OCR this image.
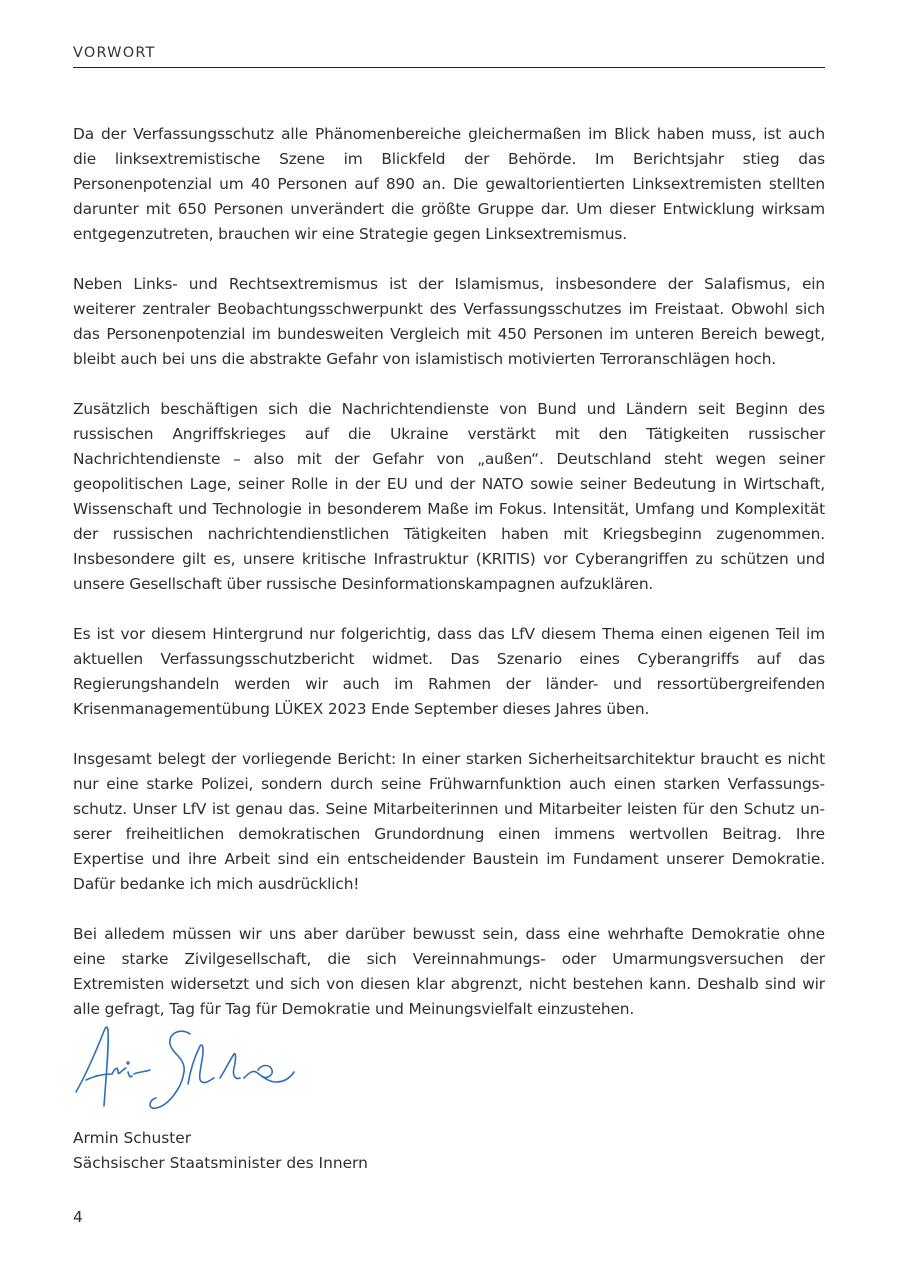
VORWORT

Da der Verfassungsschutz alle Phänomenbereiche gleichermaßen im Blick haben muss, ist auch die linksextremistische Szene im Blickfeld der Behörde. Im Berichtsjahr stieg das Personenpotenzial um 40 Personen auf 890 an. Die gewaltorientierten Linksextremisten stellten darunter mit 650 Personen unverändert die größte Gruppe dar. Um dieser Entwicklung wirksam entgegenzutreten, brauchen wir eine Strategie gegen Linksextremismus.

Neben Links- und Rechtsextremismus ist der Islamismus, insbesondere der Salafismus, ein weiterer zentraler Beobachtungsschwerpunkt des Verfassungsschutzes im Freistaat. Obwohl sich das Personenpotenzial im bundesweiten Vergleich mit 450 Personen im unteren Bereich bewegt, bleibt auch bei uns die abstrakte Gefahr von islamistisch motivierten Terroranschlägen hoch.

Zusätzlich beschäftigen sich die Nachrichtendienste von Bund und Ländern seit Beginn des russischen Angriffskrieges auf die Ukraine verstärkt mit den Tätigkeiten russischer Nachrichtendienste – also mit der Gefahr von „außen“. Deutschland steht wegen seiner geopolitischen Lage, seiner Rolle in der EU und der NATO sowie seiner Bedeutung in Wirtschaft, Wissenschaft und Technologie in besonderem Maße im Fokus. Intensität, Umfang und Komplexität der russischen nachrichtendienstlichen Tätigkeiten haben mit Kriegsbeginn zugenommen. Insbesondere gilt es, unsere kritische Infrastruktur (KRITIS) vor Cyberangriffen zu schützen und unsere Gesellschaft über russische Desinformationskampagnen aufzuklären.

Es ist vor diesem Hintergrund nur folgerichtig, dass das LfV diesem Thema einen eigenen Teil im aktuellen Verfassungsschutzbericht widmet. Das Szenario eines Cyberangriffs auf das Regierungshandeln werden wir auch im Rahmen der länder- und ressortübergreifenden Krisenmanagementübung LÜKEX 2023 Ende September dieses Jahres üben.

Insgesamt belegt der vorliegende Bericht: In einer starken Sicherheitsarchitektur braucht es nicht nur eine starke Polizei, sondern durch seine Frühwarnfunktion auch einen starken Verfassungsschutz. Unser LfV ist genau das. Seine Mitarbeiterinnen und Mitarbeiter leisten für den Schutz unserer freiheitlichen demokratischen Grundordnung einen immens wertvollen Beitrag. Ihre Expertise und ihre Arbeit sind ein entscheidender Baustein im Fundament unserer Demokratie. Dafür bedanke ich mich ausdrücklich!

Bei alledem müssen wir uns aber darüber bewusst sein, dass eine wehrhafte Demokratie ohne eine starke Zivilgesellschaft, die sich Vereinnahmungs- oder Umarmungsversuchen der Extremisten widersetzt und sich von diesen klar abgrenzt, nicht bestehen kann. Deshalb sind wir alle gefragt, Tag für Tag für Demokratie und Meinungsvielfalt einzustehen.

Armin Schuster
Sächsischer Staatsminister des Innern
4
